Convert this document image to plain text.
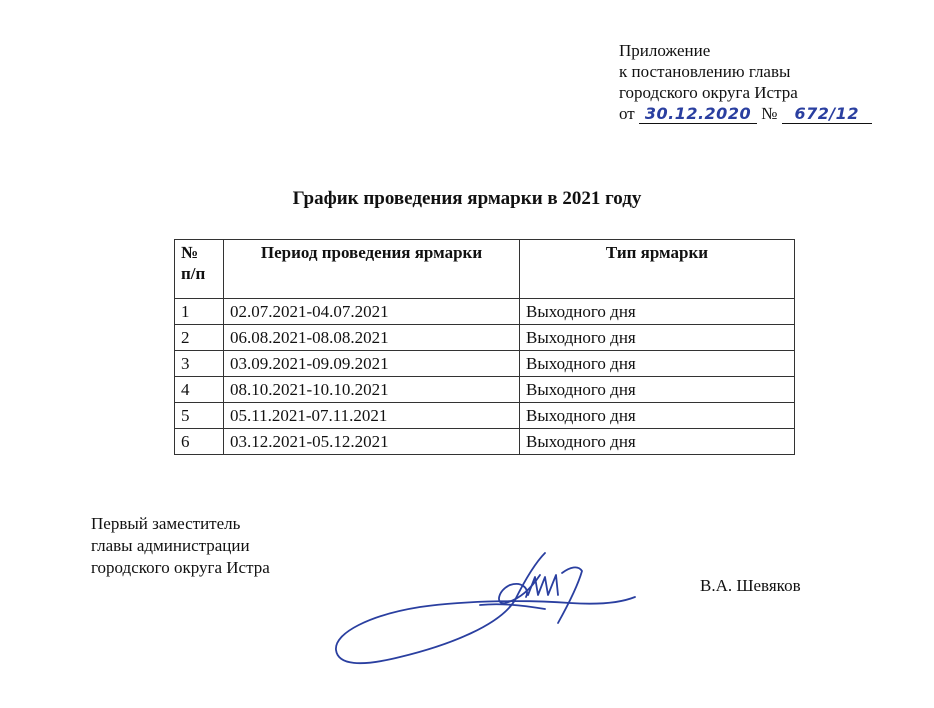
Приложение
к постановлению главы
городского округа Истра
от 30.12.2020 № 672/12
График проведения ярмарки в 2021 году
№
п/п	Период проведения ярмарки	Тип ярмарки
1	02.07.2021-04.07.2021	Выходного дня
2	06.08.2021-08.08.2021	Выходного дня
3	03.09.2021-09.09.2021	Выходного дня
4	08.10.2021-10.10.2021	Выходного дня
5	05.11.2021-07.11.2021	Выходного дня
6	03.12.2021-05.12.2021	Выходного дня
Первый заместитель
главы администрации
городского округа Истра
В.А. Шевяков
